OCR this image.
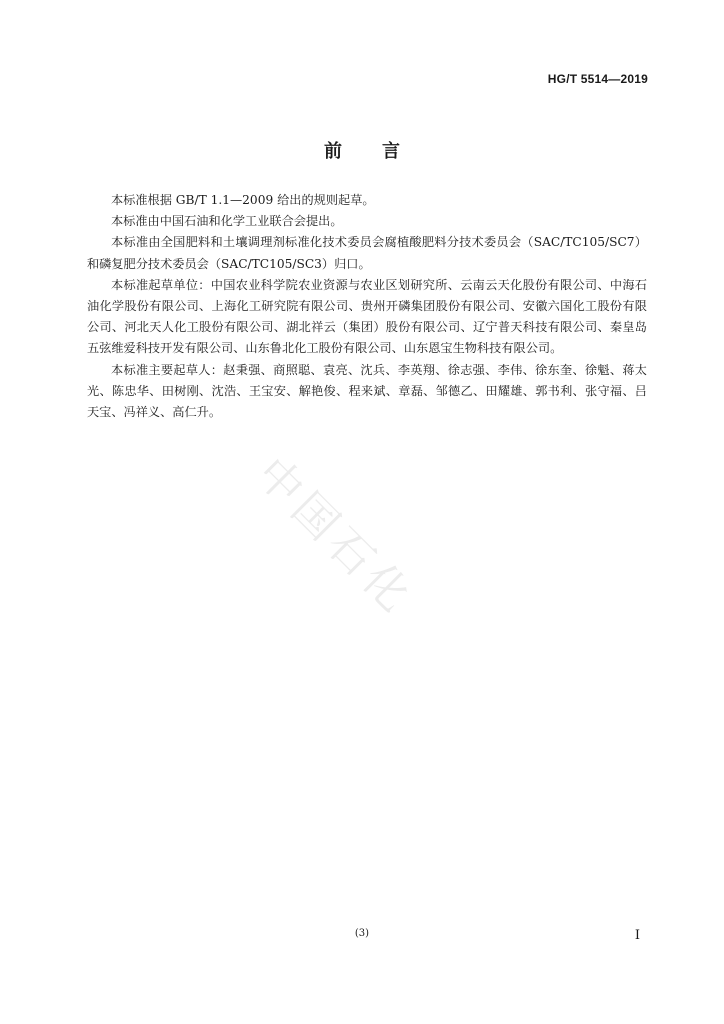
HG/T 5514—2019
前言

本标准根据 GB/T 1.1—2009 给出的规则起草。

本标准由中国石油和化学工业联合会提出。

本标准由全国肥料和土壤调理剂标准化技术委员会腐植酸肥料分技术委员会（SAC/TC105/SC7）和磷复肥分技术委员会（SAC/TC105/SC3）归口。

本标准起草单位：中国农业科学院农业资源与农业区划研究所、云南云天化股份有限公司、中海石油化学股份有限公司、上海化工研究院有限公司、贵州开磷集团股份有限公司、安徽六国化工股份有限公司、河北天人化工股份有限公司、湖北祥云（集团）股份有限公司、辽宁普天科技有限公司、秦皇岛五弦维爱科技开发有限公司、山东鲁北化工股份有限公司、山东恩宝生物科技有限公司。

本标准主要起草人：赵秉强、商照聪、袁亮、沈兵、李英翔、徐志强、李伟、徐东奎、徐魁、蒋太光、陈忠华、田树刚、沈浩、王宝安、解艳俊、程来斌、章磊、邹德乙、田耀雄、郭书利、张守福、吕天宝、冯祥义、高仁升。

中国石化
(3)	I
